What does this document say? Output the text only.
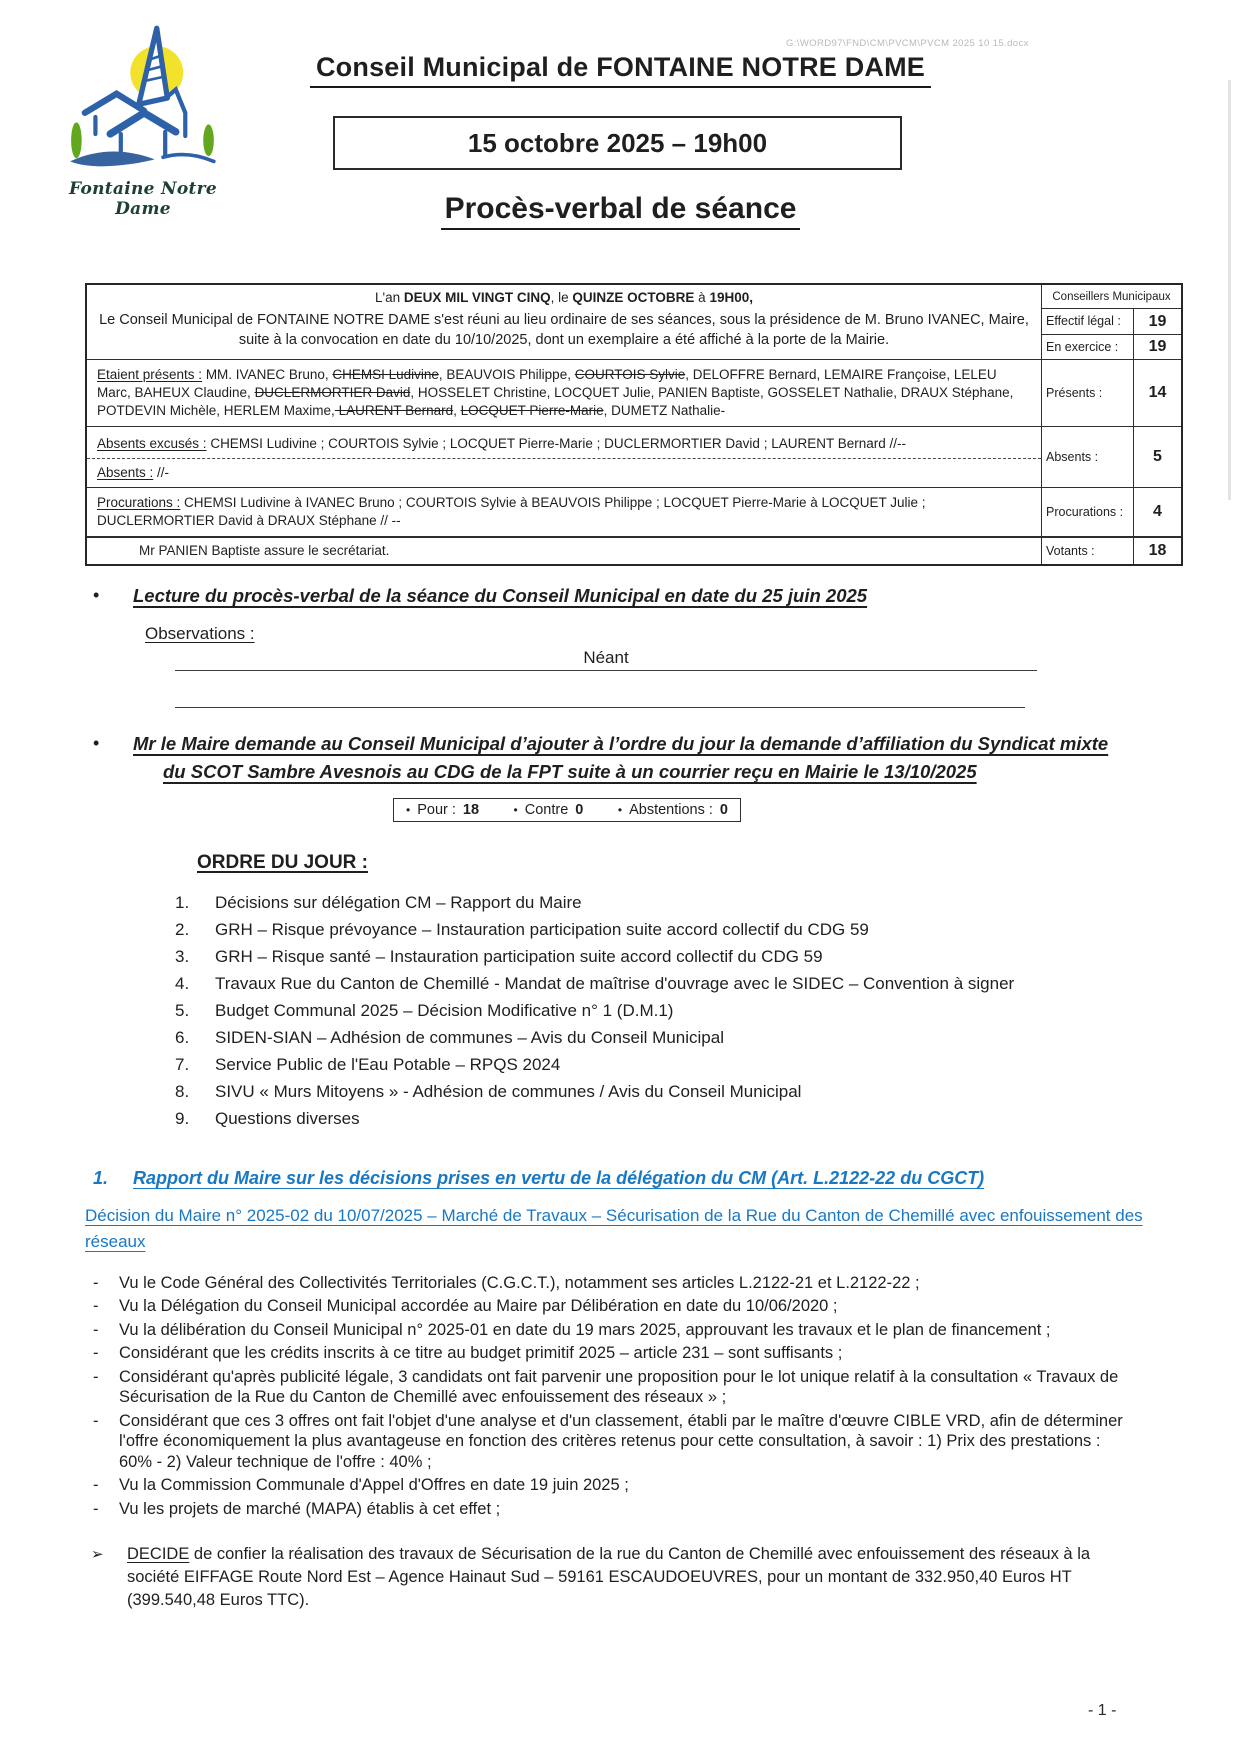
Fontaine Notre Dame
G:\WORD97\FND\CM\PVCM\PVCM 2025 10 15.docx
Conseil Municipal de FONTAINE NOTRE DAME
15 octobre 2025 – 19h00
Procès-verbal de séance
L'an DEUX MIL VINGT CINQ, le QUINZE OCTOBRE à 19H00,
Le Conseil Municipal de FONTAINE NOTRE DAME s'est réuni au lieu ordinaire de ses séances, sous la présidence de M. Bruno IVANEC, Maire, suite à la convocation en date du 10/10/2025, dont un exemplaire a été affiché à la porte de la Mairie.
Conseillers Municipaux
Effectif légal :	19
En exercice :	19
Etaient présents : MM. IVANEC Bruno, CHEMSI Ludivine, BEAUVOIS Philippe, COURTOIS Sylvie, DELOFFRE Bernard, LEMAIRE Françoise, LELEU Marc, BAHEUX Claudine, DUCLERMORTIER David, HOSSELET Christine, LOCQUET Julie, PANIEN Baptiste, GOSSELET Nathalie, DRAUX Stéphane, POTDEVIN Michèle, HERLEM Maxime, LAURENT Bernard, LOCQUET Pierre-Marie, DUMETZ Nathalie-
Présents :	14
Absents excusés : CHEMSI Ludivine ; COURTOIS Sylvie ; LOCQUET Pierre-Marie ; DUCLERMORTIER David ; LAURENT Bernard //--
Absents : //-
Absents :	5
Procurations : CHEMSI Ludivine à IVANEC Bruno ; COURTOIS Sylvie à BEAUVOIS Philippe ; LOCQUET Pierre-Marie à LOCQUET Julie ; DUCLERMORTIER David à DRAUX Stéphane // --
Procurations :	4
Mr PANIEN Baptiste assure le secrétariat.	Votants :	18
•	Lecture du procès-verbal de la séance du Conseil Municipal en date du 25 juin 2025
Observations :
Néant
•	Mr le Maire demande au Conseil Municipal d’ajouter à l’ordre du jour la demande d’affiliation du Syndicat mixte du SCOT Sambre Avesnois au CDG de la FPT suite à un courrier reçu en Mairie le 13/10/2025
• Pour : 18	• Contre 0	• Abstentions : 0
ORDRE DU JOUR :
1.	Décisions sur délégation CM – Rapport du Maire
2.	GRH – Risque prévoyance – Instauration participation suite accord collectif du CDG 59
3.	GRH – Risque santé – Instauration participation suite accord collectif du CDG 59
4.	Travaux Rue du Canton de Chemillé - Mandat de maîtrise d'ouvrage avec le SIDEC – Convention à signer
5.	Budget Communal 2025 – Décision Modificative n° 1 (D.M.1)
6.	SIDEN-SIAN – Adhésion de communes – Avis du Conseil Municipal
7.	Service Public de l'Eau Potable – RPQS 2024
8.	SIVU « Murs Mitoyens » - Adhésion de communes / Avis du Conseil Municipal
9.	Questions diverses
1.	Rapport du Maire sur les décisions prises en vertu de la délégation du CM (Art. L.2122-22 du CGCT)
Décision du Maire n° 2025-02 du 10/07/2025 – Marché de Travaux – Sécurisation de la Rue du Canton de Chemillé avec enfouissement des réseaux
-	Vu le Code Général des Collectivités Territoriales (C.G.C.T.), notamment ses articles L.2122-21 et L.2122-22 ;
-	Vu la Délégation du Conseil Municipal accordée au Maire par Délibération en date du 10/06/2020 ;
-	Vu la délibération du Conseil Municipal n° 2025-01 en date du 19 mars 2025, approuvant les travaux et le plan de financement ;
-	Considérant que les crédits inscrits à ce titre au budget primitif 2025 – article 231 – sont suffisants ;
-	Considérant qu'après publicité légale, 3 candidats ont fait parvenir une proposition pour le lot unique relatif à la consultation « Travaux de Sécurisation de la Rue du Canton de Chemillé avec enfouissement des réseaux » ;
-	Considérant que ces 3 offres ont fait l'objet d'une analyse et d'un classement, établi par le maître d'œuvre CIBLE VRD, afin de déterminer l'offre économiquement la plus avantageuse en fonction des critères retenus pour cette consultation, à savoir : 1) Prix des prestations : 60% - 2) Valeur technique de l'offre : 40% ;
-	Vu la Commission Communale d'Appel d'Offres en date 19 juin 2025 ;
-	Vu les projets de marché (MAPA) établis à cet effet ;
➢	DECIDE de confier la réalisation des travaux de Sécurisation de la rue du Canton de Chemillé avec enfouissement des réseaux à la société EIFFAGE Route Nord Est – Agence Hainaut Sud – 59161 ESCAUDOEUVRES, pour un montant de 332.950,40 Euros HT (399.540,48 Euros TTC).
- 1 -
